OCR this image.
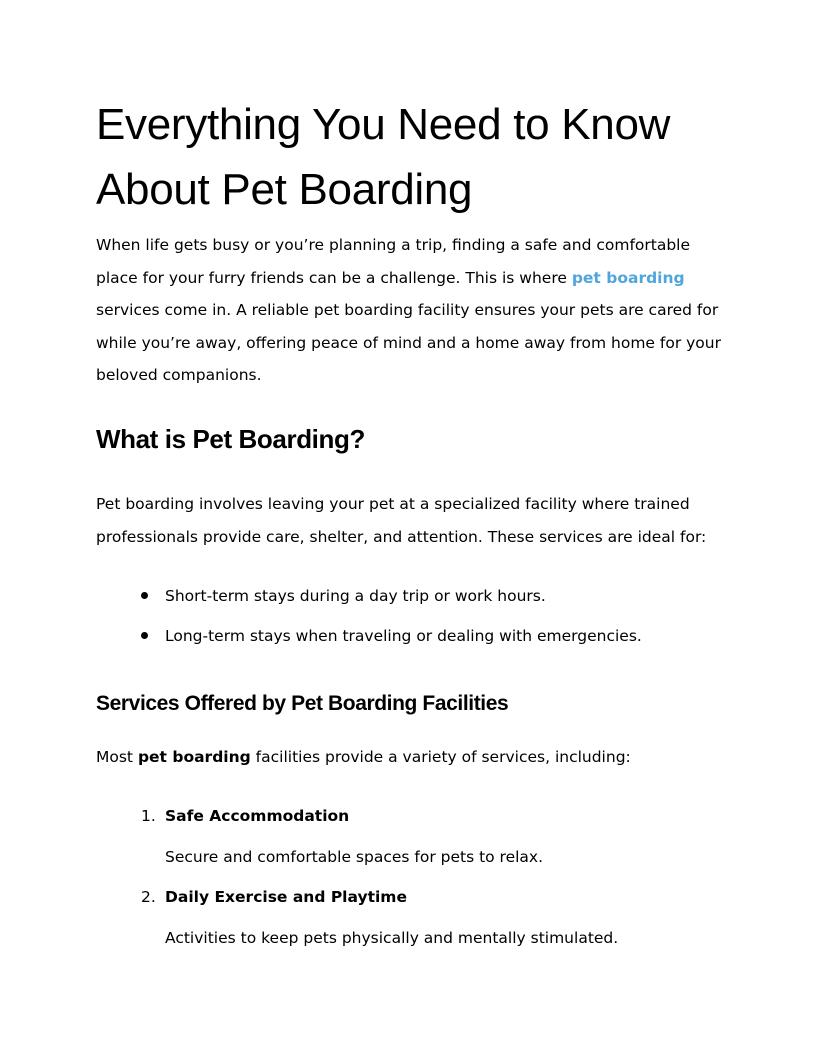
Everything You Need to Know
About Pet Boarding

When life gets busy or you’re planning a trip, finding a safe and comfortable
place for your furry friends can be a challenge. This is where pet boarding
services come in. A reliable pet boarding facility ensures your pets are cared for
while you’re away, offering peace of mind and a home away from home for your
beloved companions.

What is Pet Boarding?

Pet boarding involves leaving your pet at a specialized facility where trained
professionals provide care, shelter, and attention. These services are ideal for:

Short-term stays during a day trip or work hours.
Long-term stays when traveling or dealing with emergencies.
Services Offered by Pet Boarding Facilities

Most pet boarding facilities provide a variety of services, including:

1. Safe Accommodation
Secure and comfortable spaces for pets to relax.
2. Daily Exercise and Playtime
Activities to keep pets physically and mentally stimulated.
